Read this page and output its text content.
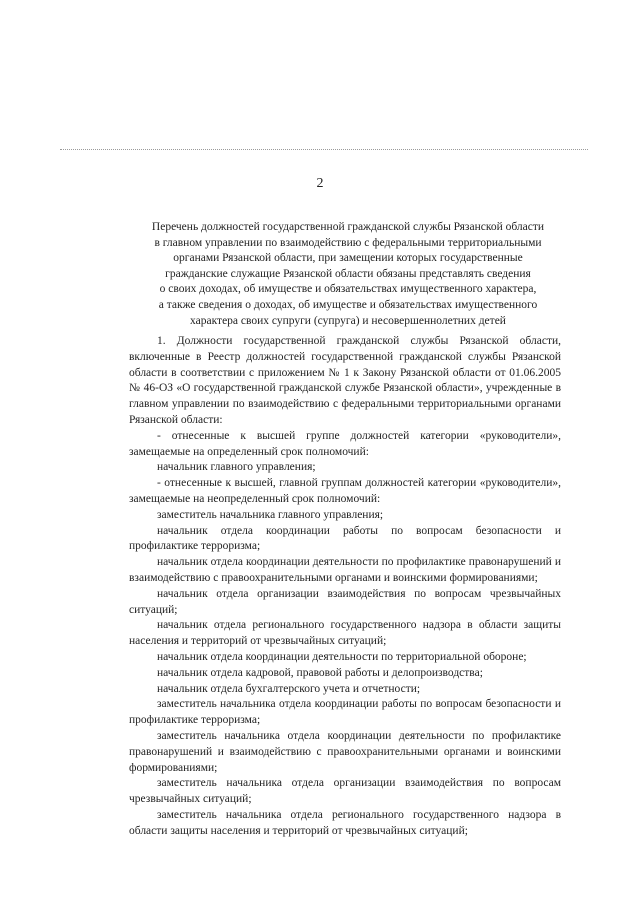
2
Перечень должностей государственной гражданской службы Рязанской области
в главном управлении по взаимодействию с федеральными территориальными
органами Рязанской области, при замещении которых государственные
гражданские служащие Рязанской области обязаны представлять сведения
о своих доходах, об имуществе и обязательствах имущественного характера,
а также сведения о доходах, об имуществе и обязательствах имущественного
характера своих супруги (супруга) и несовершеннолетних детей
1. Должности государственной гражданской службы Рязанской области, включенные в Реестр должностей государственной гражданской службы Рязанской области в соответствии с приложением № 1 к Закону Рязанской области от 01.06.2005 № 46-ОЗ «О государственной гражданской службе Рязанской области», учрежденные в главном управлении по взаимодействию с федеральными территориальными органами Рязанской области:
- отнесенные к высшей группе должностей категории «руководители», замещаемые на определенный срок полномочий:
начальник главного управления;
- отнесенные к высшей, главной группам должностей категории «руководители», замещаемые на неопределенный срок полномочий:
заместитель начальника главного управления;
начальник отдела координации работы по вопросам безопасности и профилактике терроризма;
начальник отдела координации деятельности по профилактике правонарушений и взаимодействию с правоохранительными органами и воинскими формированиями;
начальник отдела организации взаимодействия по вопросам чрезвычайных ситуаций;
начальник отдела регионального государственного надзора в области защиты населения и территорий от чрезвычайных ситуаций;
начальник отдела координации деятельности по территориальной обороне;
начальник отдела кадровой, правовой работы и делопроизводства;
начальник отдела бухгалтерского учета и отчетности;
заместитель начальника отдела координации работы по вопросам безопасности и профилактике терроризма;
заместитель начальника отдела координации деятельности по профилактике правонарушений и взаимодействию с правоохранительными органами и воинскими формированиями;
заместитель начальника отдела организации взаимодействия по вопросам чрезвычайных ситуаций;
заместитель начальника отдела регионального государственного надзора в области защиты населения и территорий от чрезвычайных ситуаций;
